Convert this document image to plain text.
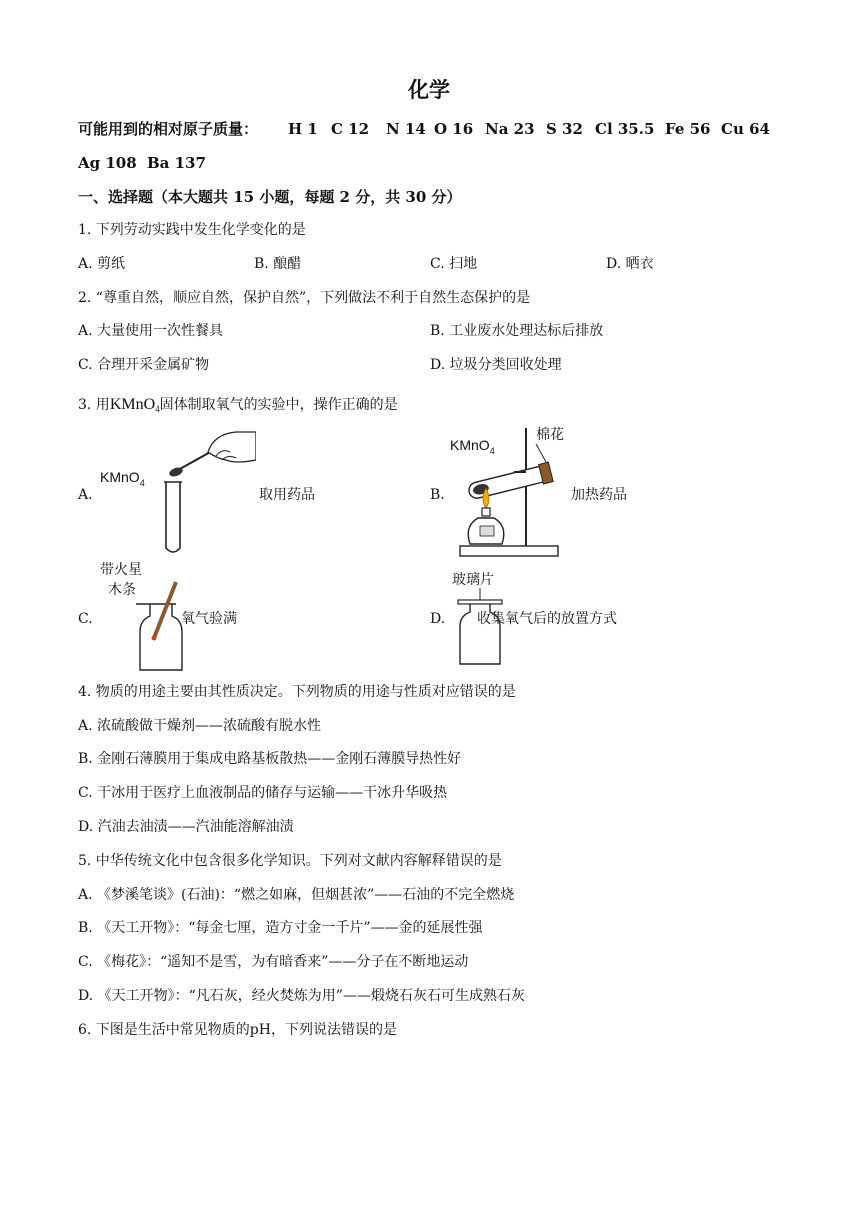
化学
可能用到的相对原子质量： H 1 C 12 N 14 O 16 Na 23 S 32 Cl 35.5 Fe 56 Cu 64
Ag 108 Ba 137
一、选择题（本大题共 15 小题，每题 2 分，共 30 分）
1. 下列劳动实践中发生化学变化的是
A. 剪纸	B. 酿醋	C. 扫地	D. 晒衣
2. “尊重自然，顺应自然，保护自然”，下列做法不利于自然生态保护的是
A. 大量使用一次性餐具	B. 工业废水处理达标后排放
C. 合理开采金属矿物	D. 垃圾分类回收处理
3. 用KMnO$_4$固体制取氧气的实验中，操作正确的是
A.	取用药品	B.	加热药品
C.	氧气验满	D. 收集氧气后的放置方式
KMnO$_4$
KMnO$_4$
棉花
带火星
木条
玻璃片
4. 物质的用途主要由其性质决定。下列物质的用途与性质对应错误的是
A. 浓硫酸做干燥剂——浓硫酸有脱水性
B. 金刚石薄膜用于集成电路基板散热——金刚石薄膜导热性好
C. 干冰用于医疗上血液制品的储存与运输——干冰升华吸热
D. 汽油去油渍——汽油能溶解油渍
5. 中华传统文化中包含很多化学知识。下列对文献内容解释错误的是
A. 《梦溪笔谈》(石油)：“燃之如麻，但烟甚浓”——石油的不完全燃烧
B. 《天工开物》：“每金七厘，造方寸金一千片”——金的延展性强
C. 《梅花》：“遥知不是雪，为有暗香来”——分子在不断地运动
D. 《天工开物》：“凡石灰，经火焚炼为用”——煅烧石灰石可生成熟石灰
6. 下图是生活中常见物质的pH，下列说法错误的是
